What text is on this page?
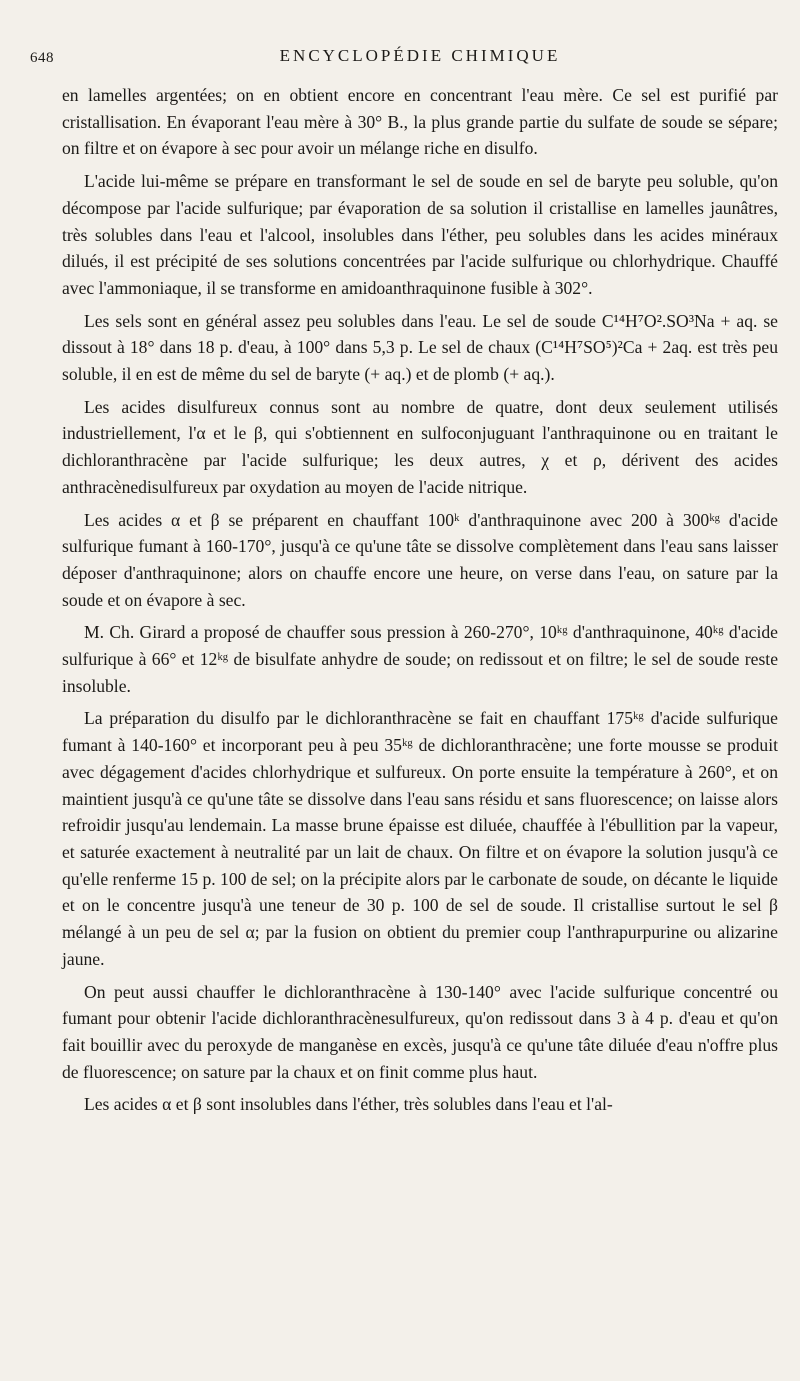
648	ENCYCLOPÉDIE CHIMIQUE

en lamelles argentées; on en obtient encore en concentrant l'eau mère. Ce sel est purifié par cristallisation. En évaporant l'eau mère à 30° B., la plus grande partie du sulfate de soude se sépare; on filtre et on évapore à sec pour avoir un mélange riche en disulfo.

L'acide lui-même se prépare en transformant le sel de soude en sel de baryte peu soluble, qu'on décompose par l'acide sulfurique; par évaporation de sa solution il cristallise en lamelles jaunâtres, très solubles dans l'eau et l'alcool, insolubles dans l'éther, peu solubles dans les acides minéraux dilués, il est précipité de ses solutions concentrées par l'acide sulfurique ou chlorhydrique. Chauffé avec l'ammoniaque, il se transforme en amidoanthraquinone fusible à 302°.

Les sels sont en général assez peu solubles dans l'eau. Le sel de soude C¹⁴H⁷O².SO³Na + aq. se dissout à 18° dans 18 p. d'eau, à 100° dans 5,3 p. Le sel de chaux (C¹⁴H⁷SO⁵)²Ca + 2aq. est très peu soluble, il en est de même du sel de baryte (+ aq.) et de plomb (+ aq.).

Les acides disulfureux connus sont au nombre de quatre, dont deux seulement utilisés industriellement, l'α et le β, qui s'obtiennent en sulfoconjuguant l'anthraquinone ou en traitant le dichloranthracène par l'acide sulfurique; les deux autres, χ et ρ, dérivent des acides anthracènedisulfureux par oxydation au moyen de l'acide nitrique.

Les acides α et β se préparent en chauffant 100ᵏ d'anthraquinone avec 200 à 300ᵏᵍ d'acide sulfurique fumant à 160-170°, jusqu'à ce qu'une tâte se dissolve complètement dans l'eau sans laisser déposer d'anthraquinone; alors on chauffe encore une heure, on verse dans l'eau, on sature par la soude et on évapore à sec.

M. Ch. Girard a proposé de chauffer sous pression à 260-270°, 10ᵏᵍ d'anthraquinone, 40ᵏᵍ d'acide sulfurique à 66° et 12ᵏᵍ de bisulfate anhydre de soude; on redissout et on filtre; le sel de soude reste insoluble.

La préparation du disulfo par le dichloranthracène se fait en chauffant 175ᵏᵍ d'acide sulfurique fumant à 140-160° et incorporant peu à peu 35ᵏᵍ de dichloranthracène; une forte mousse se produit avec dégagement d'acides chlorhydrique et sulfureux. On porte ensuite la température à 260°, et on maintient jusqu'à ce qu'une tâte se dissolve dans l'eau sans résidu et sans fluorescence; on laisse alors refroidir jusqu'au lendemain. La masse brune épaisse est diluée, chauffée à l'ébullition par la vapeur, et saturée exactement à neutralité par un lait de chaux. On filtre et on évapore la solution jusqu'à ce qu'elle renferme 15 p. 100 de sel; on la précipite alors par le carbonate de soude, on décante le liquide et on le concentre jusqu'à une teneur de 30 p. 100 de sel de soude. Il cristallise surtout le sel β mélangé à un peu de sel α; par la fusion on obtient du premier coup l'anthrapurpurine ou alizarine jaune.

On peut aussi chauffer le dichloranthracène à 130-140° avec l'acide sulfurique concentré ou fumant pour obtenir l'acide dichloranthracènesulfureux, qu'on redissout dans 3 à 4 p. d'eau et qu'on fait bouillir avec du peroxyde de manganèse en excès, jusqu'à ce qu'une tâte diluée d'eau n'offre plus de fluorescence; on sature par la chaux et on finit comme plus haut.

Les acides α et β sont insolubles dans l'éther, très solubles dans l'eau et l'al-
